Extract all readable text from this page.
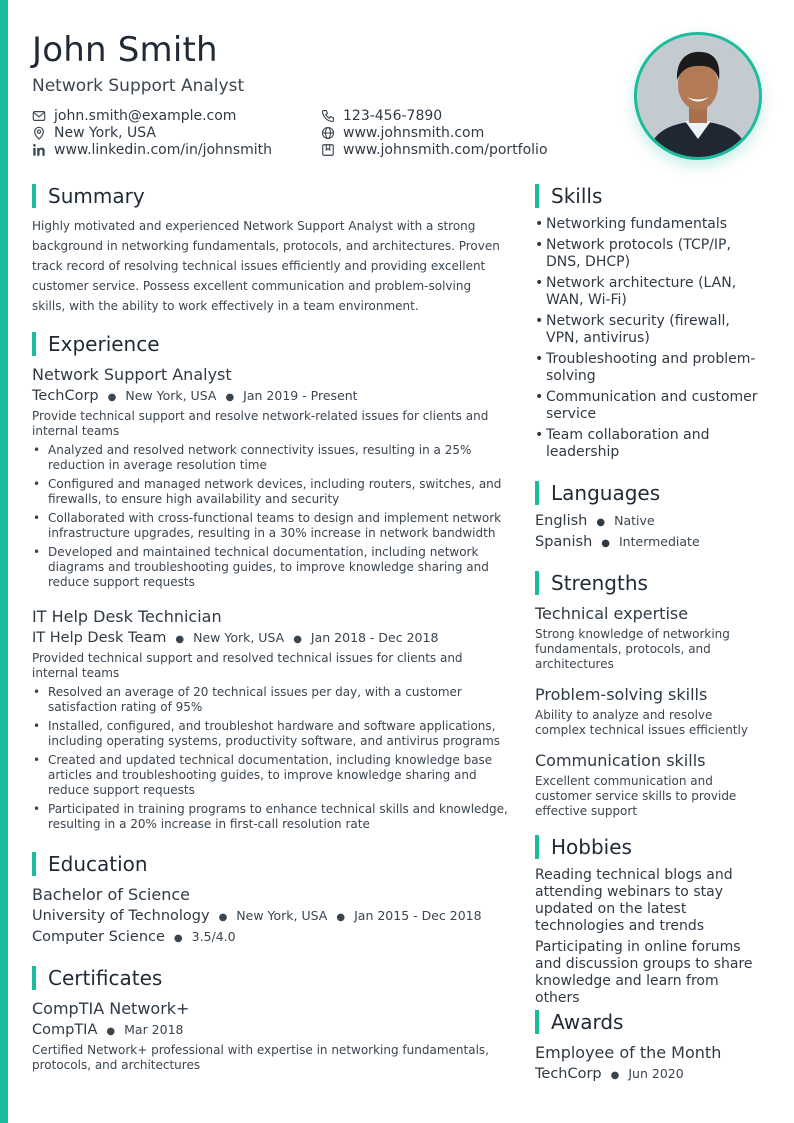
John Smith
Network Support Analyst
john.smith@example.com	123-456-7890
New York, USA	www.johnsmith.com
www.linkedin.com/in/johnsmith	www.johnsmith.com/portfolio
Summary
Highly motivated and experienced Network Support Analyst with a strong background in networking fundamentals, protocols, and architectures. Proven track record of resolving technical issues efficiently and providing excellent customer service. Possess excellent communication and problem-solving skills, with the ability to work effectively in a team environment.
Experience
Network Support Analyst
TechCorp ● New York, USA ● Jan 2019 - Present
Provide technical support and resolve network-related issues for clients and internal teams
• Analyzed and resolved network connectivity issues, resulting in a 25% reduction in average resolution time
• Configured and managed network devices, including routers, switches, and firewalls, to ensure high availability and security
• Collaborated with cross-functional teams to design and implement network infrastructure upgrades, resulting in a 30% increase in network bandwidth
• Developed and maintained technical documentation, including network diagrams and troubleshooting guides, to improve knowledge sharing and reduce support requests
IT Help Desk Technician
IT Help Desk Team ● New York, USA ● Jan 2018 - Dec 2018
Provided technical support and resolved technical issues for clients and internal teams
• Resolved an average of 20 technical issues per day, with a customer satisfaction rating of 95%
• Installed, configured, and troubleshot hardware and software applications, including operating systems, productivity software, and antivirus programs
• Created and updated technical documentation, including knowledge base articles and troubleshooting guides, to improve knowledge sharing and reduce support requests
• Participated in training programs to enhance technical skills and knowledge, resulting in a 20% increase in first-call resolution rate
Education
Bachelor of Science
University of Technology ● New York, USA ● Jan 2015 - Dec 2018
Computer Science ● 3.5/4.0
Certificates
CompTIA Network+
CompTIA ● Mar 2018
Certified Network+ professional with expertise in networking fundamentals, protocols, and architectures
Skills
• Networking fundamentals
• Network protocols (TCP/IP, DNS, DHCP)
• Network architecture (LAN, WAN, Wi-Fi)
• Network security (firewall, VPN, antivirus)
• Troubleshooting and problem-solving
• Communication and customer service
• Team collaboration and leadership
Languages
English ● Native
Spanish ● Intermediate
Strengths
Technical expertise
Strong knowledge of networking fundamentals, protocols, and architectures
Problem-solving skills
Ability to analyze and resolve complex technical issues efficiently
Communication skills
Excellent communication and customer service skills to provide effective support
Hobbies
Reading technical blogs and attending webinars to stay updated on the latest technologies and trends
Participating in online forums and discussion groups to share knowledge and learn from others
Awards
Employee of the Month
TechCorp ● Jun 2020
